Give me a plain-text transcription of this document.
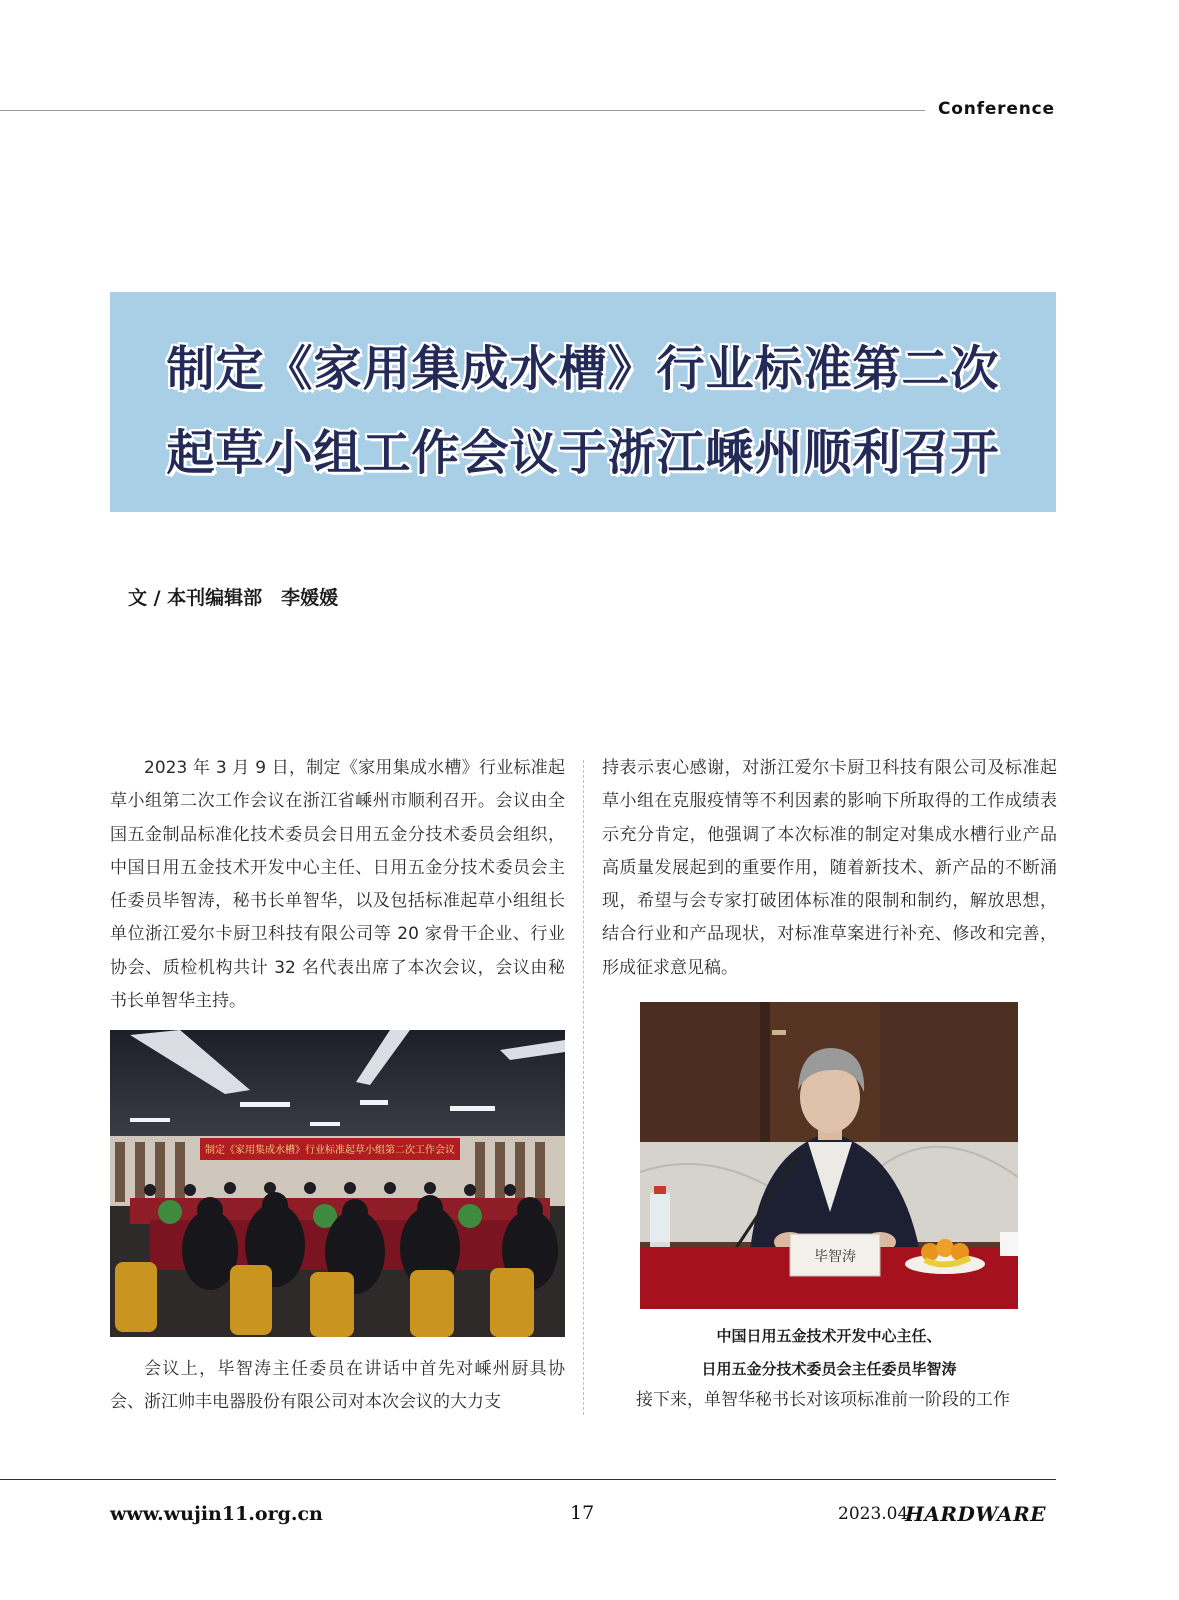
Conference
制定《家用集成水槽》行业标准第二次
起草小组工作会议于浙江嵊州顺利召开
文 / 本刊编辑部　李媛媛

2023 年 3 月 9 日，制定《家用集成水槽》行业标准起草小组第二次工作会议在浙江省嵊州市顺利召开。会议由全国五金制品标准化技术委员会日用五金分技术委员会组织，中国日用五金技术开发中心主任、日用五金分技术委员会主任委员毕智涛，秘书长单智华，以及包括标准起草小组组长单位浙江爱尔卡厨卫科技有限公司等 20 家骨干企业、行业协会、质检机构共计 32 名代表出席了本次会议，会议由秘书长单智华主持。

制定《家用集成水槽》行业标准起草小组第二次工作会议

会议上，毕智涛主任委员在讲话中首先对嵊州厨具协会、浙江帅丰电器股份有限公司对本次会议的大力支

持表示衷心感谢，对浙江爱尔卡厨卫科技有限公司及标准起草小组在克服疫情等不利因素的影响下所取得的工作成绩表示充分肯定，他强调了本次标准的制定对集成水槽行业产品高质量发展起到的重要作用，随着新技术、新产品的不断涌现，希望与会专家打破团体标准的限制和制约，解放思想，结合行业和产品现状，对标准草案进行补充、修改和完善，形成征求意见稿。

毕智涛
中国日用五金技术开发中心主任、
日用五金分技术委员会主任委员毕智涛

接下来，单智华秘书长对该项标准前一阶段的工作

www.wujin11.org.cn	17	2023.04
HARDWARE
